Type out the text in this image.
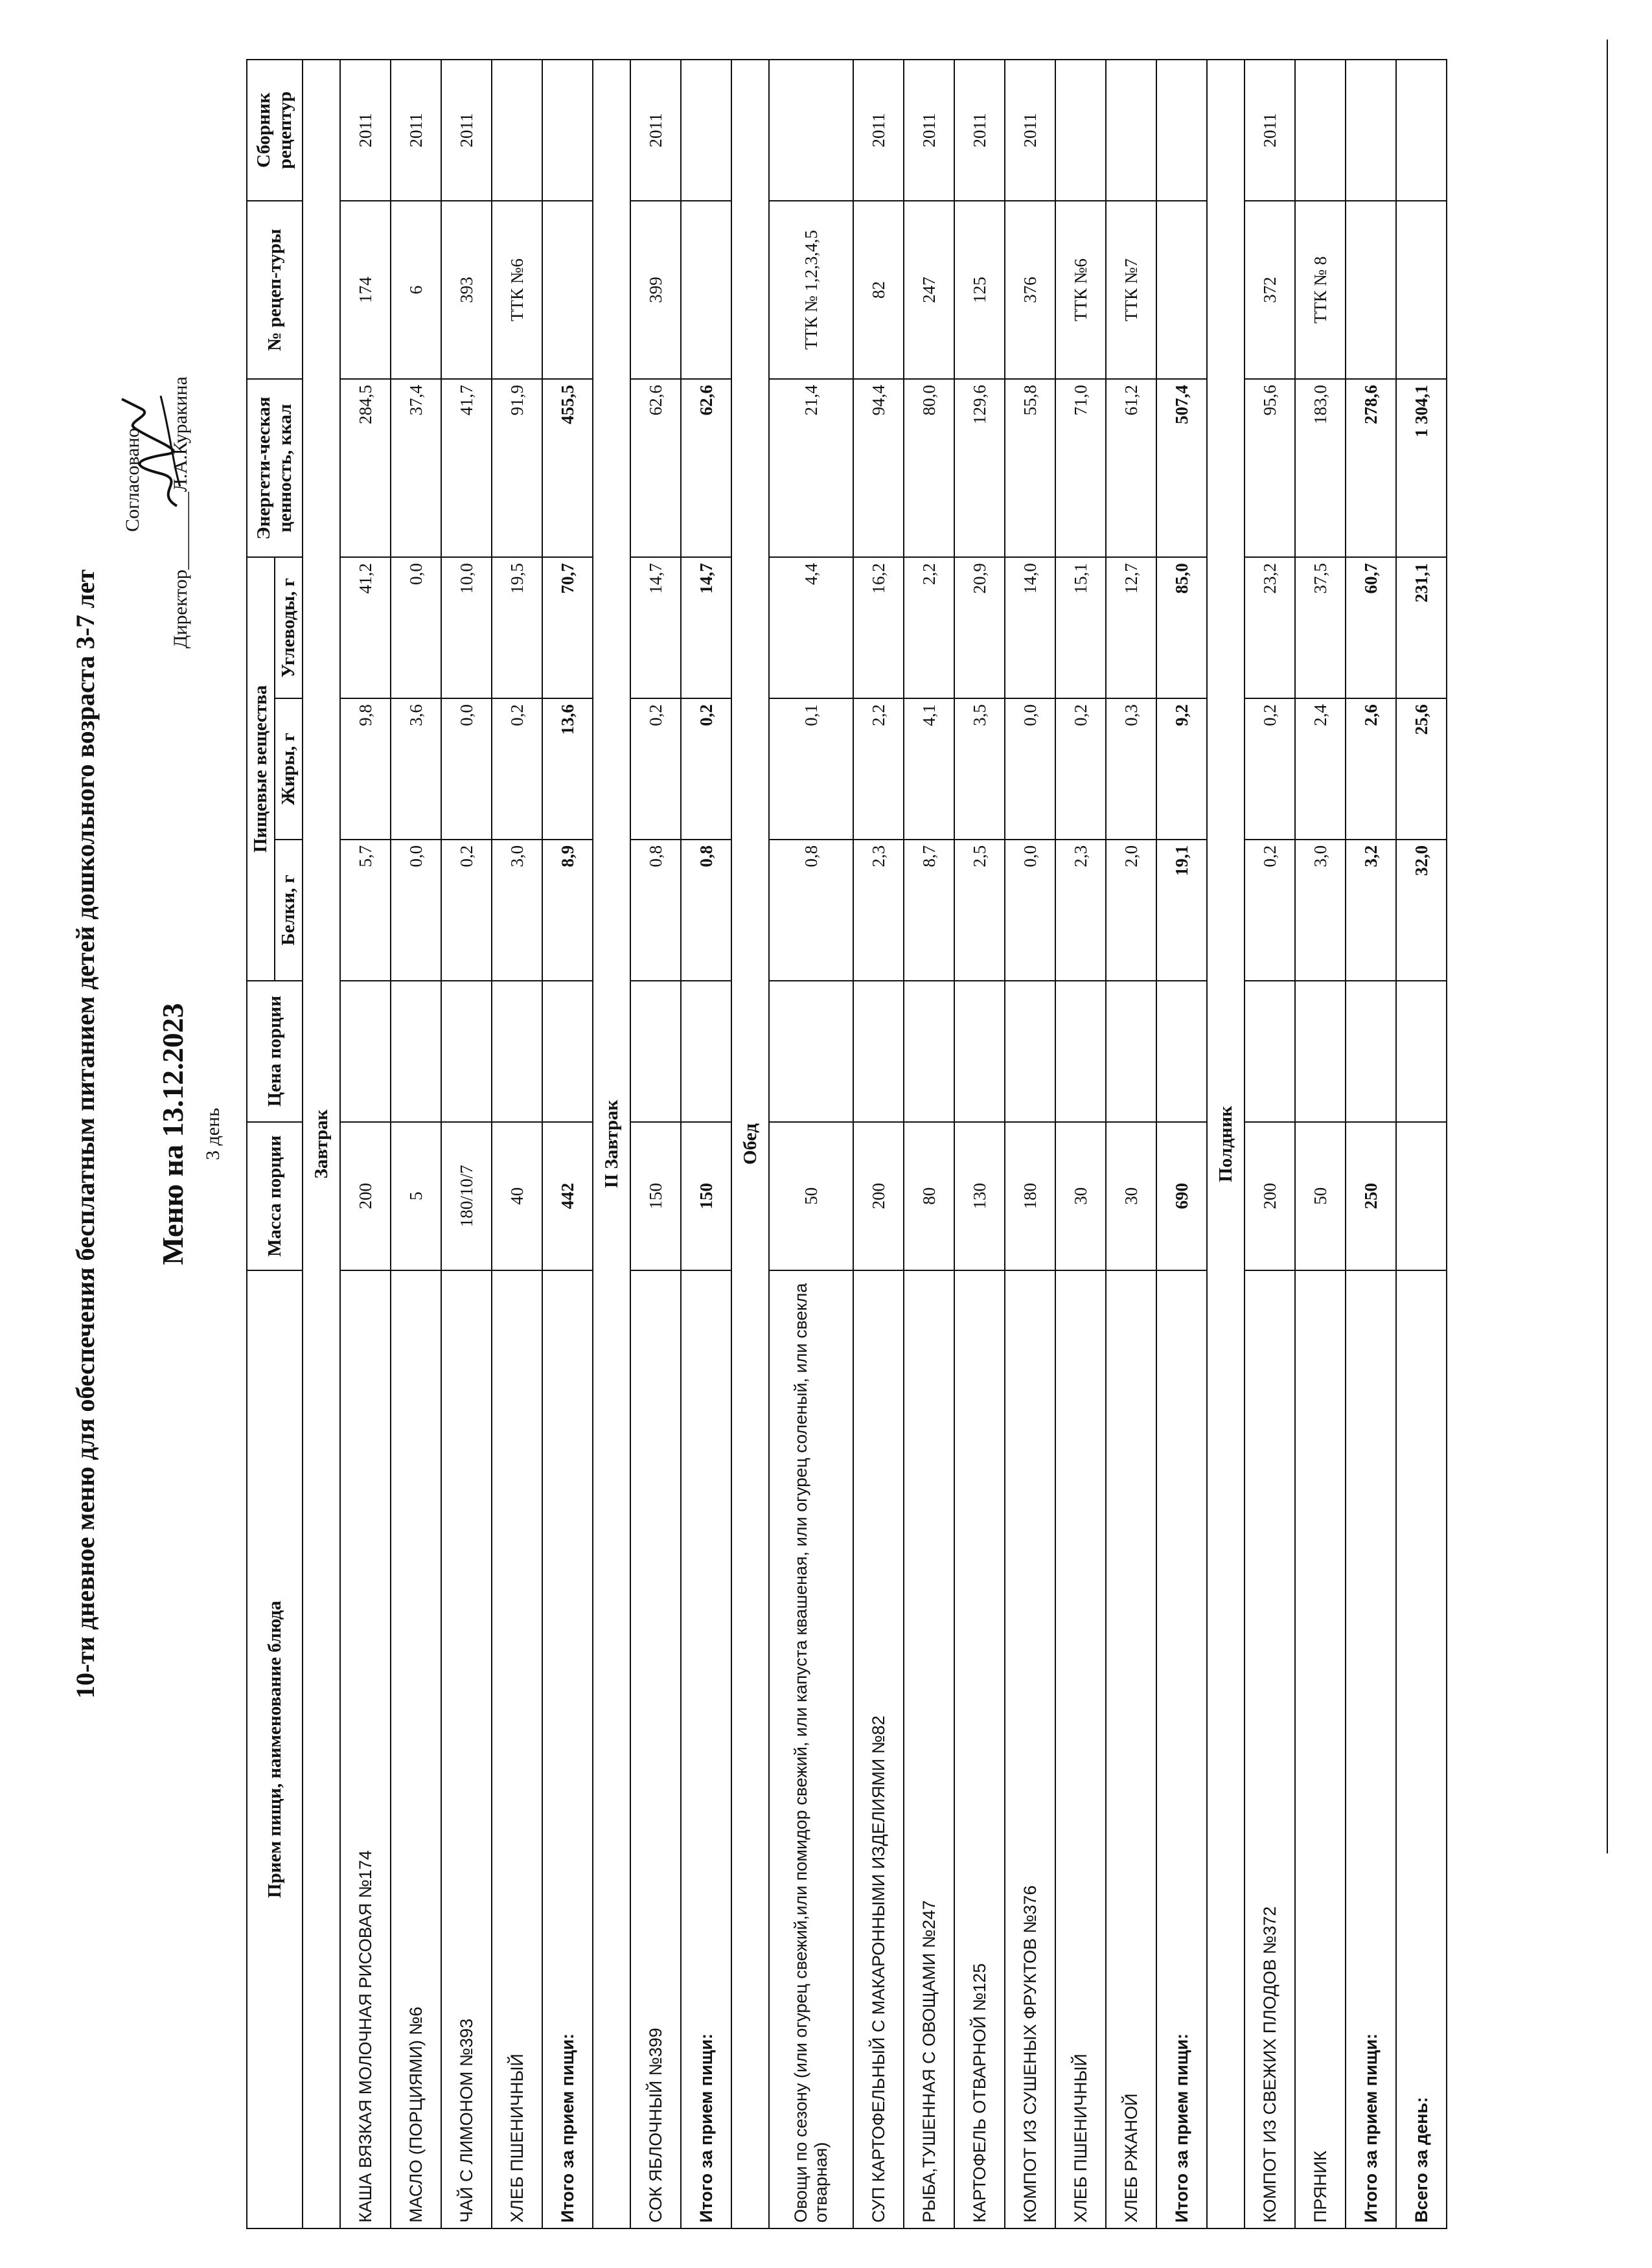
10-ти дневное меню для обеспечения бесплатным питанием детей дошкольного возраста 3-7 лет Меню на 13.12.2023 3 день
Согласовано
Директор________Л.А.Куракина
Прием пищи, наименование блюда	Масса порции	Цена порции	Пищевые вещества			Энергети-ческая ценность, ккал	№ рецеп-туры	Сборник рецептур
			Белки, г	Жиры, г	Углеводы, г			
Завтрак								
КАША ВЯЗКАЯ МОЛОЧНАЯ РИСОВАЯ №174	200		5,7	9,8	41,2	284,5	174	2011
МАСЛО (ПОРЦИЯМИ) №6	5		0,0	3,6	0,0	37,4	6	2011
ЧАЙ С ЛИМОНОМ №393	180/10/7		0,2	0,0	10,0	41,7	393	2011
ХЛЕБ ПШЕНИЧНЫЙ	40		3,0	0,2	19,5	91,9	ТТК №6	
Итого за прием пищи:	442		8,9	13,6	70,7	455,5		
II Завтрак								
СОК ЯБЛОЧНЫЙ №399	150		0,8	0,2	14,7	62,6	399	2011
Итого за прием пищи:	150		0,8	0,2	14,7	62,6		
Обед								
Овощи по сезону (или огурец свежий,или помидор свежий, или капуста квашеная, или огурец соленый, или свекла отварная)	50		0,8	0,1	4,4	21,4	ТТК № 1,2,3,4,5	
СУП КАРТОФЕЛЬНЫЙ С МАКАРОННЫМИ ИЗДЕЛИЯМИ №82	200		2,3	2,2	16,2	94,4	82	2011
РЫБА,ТУШЕННАЯ С ОВОЩАМИ №247	80		8,7	4,1	2,2	80,0	247	2011
КАРТОФЕЛЬ ОТВАРНОЙ №125	130		2,5	3,5	20,9	129,6	125	2011
КОМПОТ ИЗ СУШЕНЫХ ФРУКТОВ №376	180		0,0	0,0	14,0	55,8	376	2011
ХЛЕБ ПШЕНИЧНЫЙ	30		2,3	0,2	15,1	71,0	ТТК №6	
ХЛЕБ РЖАНОЙ	30		2,0	0,3	12,7	61,2	ТТК №7	
Итого за прием пищи:	690		19,1	9,2	85,0	507,4		
Полдник								
КОМПОТ ИЗ СВЕЖИХ ПЛОДОВ №372	200		0,2	0,2	23,2	95,6	372	2011
ПРЯНИК	50		3,0	2,4	37,5	183,0	ТТК № 8	
Итого за прием пищи:	250		3,2	2,6	60,7	278,6		
Всего за день:			32,0	25,6	231,1	1 304,1		
